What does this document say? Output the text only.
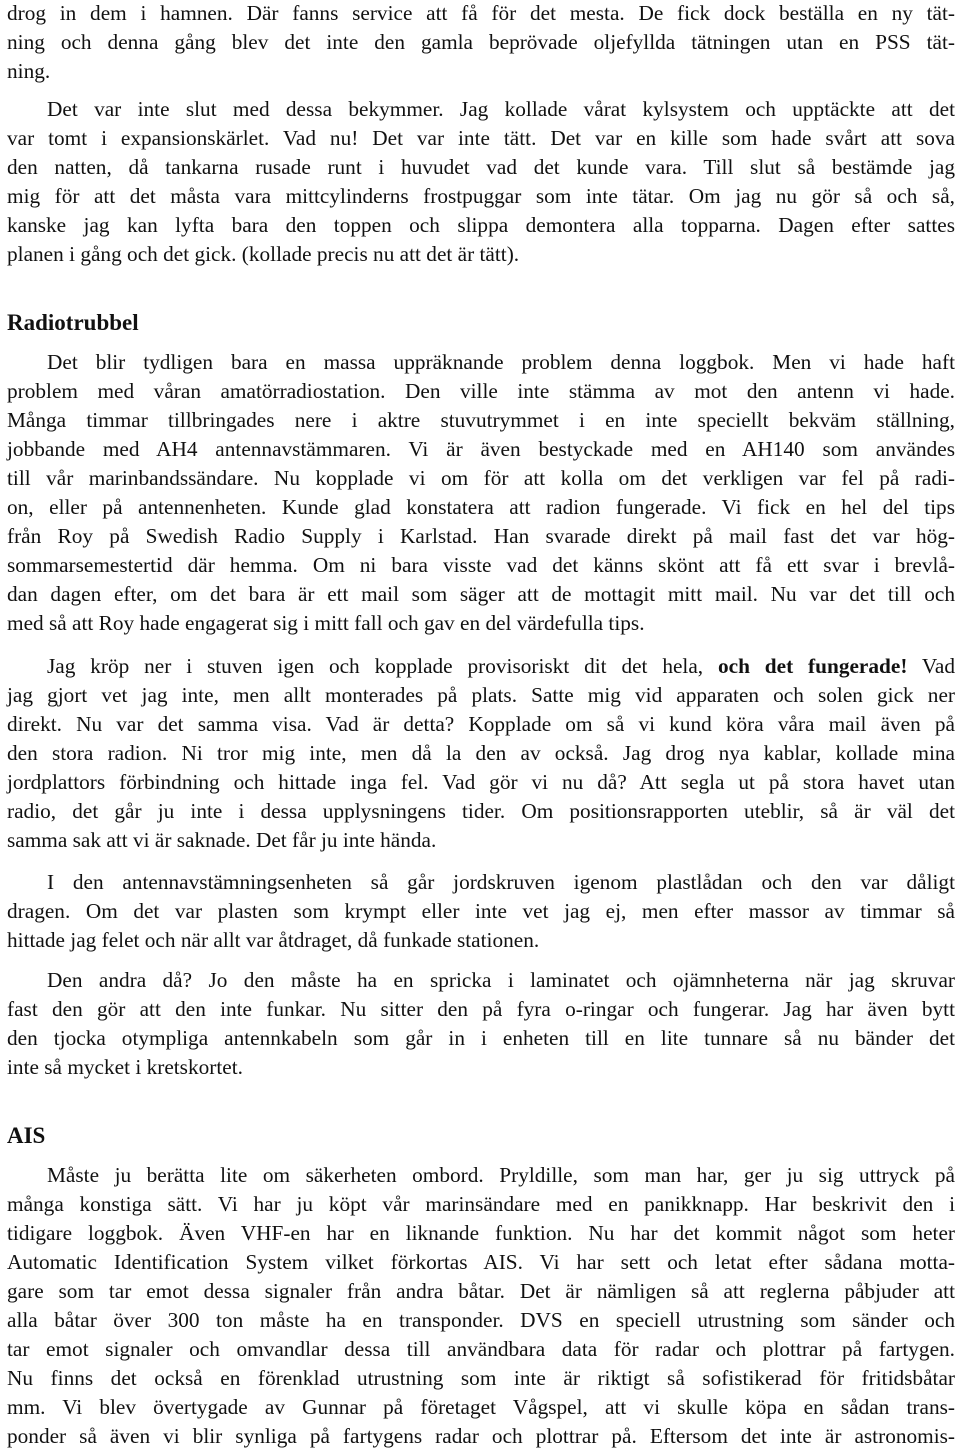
drog in dem i hamnen. Där fanns service att få för det mesta. De fick dock beställa en ny tät-
ning och denna gång blev det inte den gamla beprövade oljefyllda tätningen utan en PSS tät-
ning.
Det var inte slut med dessa bekymmer. Jag kollade vårat kylsystem och upptäckte att det
var tomt i expansionskärlet. Vad nu! Det var inte tätt. Det var en kille som hade svårt att sova
den natten, då tankarna rusade runt i huvudet vad det kunde vara. Till slut så bestämde jag
mig för att det måsta vara mittcylinderns frostpuggar som inte tätar. Om jag nu gör så och så,
kanske jag kan lyfta bara den toppen och slippa demontera alla topparna. Dagen efter sattes
planen i gång och det gick. (kollade precis nu att det är tätt).
Radiotrubbel
Det blir tydligen bara en massa uppräknande problem denna loggbok. Men vi hade haft
problem med våran amatörradiostation. Den ville inte stämma av mot den antenn vi hade.
Många timmar tillbringades nere i aktre stuvutrymmet i en inte speciellt bekväm ställning,
jobbande med AH4 antennavstämmaren. Vi är även bestyckade med en AH140 som användes
till vår marinbandssändare. Nu kopplade vi om för att kolla om det verkligen var fel på radi-
on, eller på antennenheten. Kunde glad konstatera att radion fungerade. Vi fick en hel del tips
från Roy på Swedish Radio Supply i Karlstad. Han svarade direkt på mail fast det var hög-
sommarsemestertid där hemma. Om ni bara visste vad det känns skönt att få ett svar i brevlå-
dan dagen efter, om det bara är ett mail som säger att de mottagit mitt mail. Nu var det till och
med så att Roy hade engagerat sig i mitt fall och gav en del värdefulla tips.
Jag kröp ner i stuven igen och kopplade provisoriskt dit det hela, och det fungerade! Vad
jag gjort vet jag inte, men allt monterades på plats. Satte mig vid apparaten och solen gick ner
direkt. Nu var det samma visa. Vad är detta? Kopplade om så vi kund köra våra mail även på
den stora radion. Ni tror mig inte, men då la den av också. Jag drog nya kablar, kollade mina
jordplattors förbindning och hittade inga fel. Vad gör vi nu då? Att segla ut på stora havet utan
radio, det går ju inte i dessa upplysningens tider. Om positionsrapporten uteblir, så är väl det
samma sak att vi är saknade. Det får ju inte hända.
I den antennavstämningsenheten så går jordskruven igenom plastlådan och den var dåligt
dragen. Om det var plasten som krympt eller inte vet jag ej, men efter massor av timmar så
hittade jag felet och när allt var åtdraget, då funkade stationen.
Den andra då? Jo den måste ha en spricka i laminatet och ojämnheterna när jag skruvar
fast den gör att den inte funkar. Nu sitter den på fyra o-ringar och fungerar. Jag har även bytt
den tjocka otympliga antennkabeln som går in i enheten till en lite tunnare så nu bänder det
inte så mycket i kretskortet.
AIS
Måste ju berätta lite om säkerheten ombord. Pryldille, som man har, ger ju sig uttryck på
många konstiga sätt. Vi har ju köpt vår marinsändare med en panikknapp. Har beskrivit den i
tidigare loggbok. Även VHF-en har en liknande funktion. Nu har det kommit något som heter
Automatic Identification System vilket förkortas AIS. Vi har sett och letat efter sådana motta-
gare som tar emot dessa signaler från andra båtar. Det är nämligen så att reglerna påbjuder att
alla båtar över 300 ton måste ha en transponder. DVS en speciell utrustning som sänder och
tar emot signaler och omvandlar dessa till användbara data för radar och plottrar på fartygen.
Nu finns det också en förenklad utrustning som inte är riktigt så sofistikerad för fritidsbåtar
mm. Vi blev övertygade av Gunnar på företaget Vågspel, att vi skulle köpa en sådan trans-
ponder så även vi blir synliga på fartygens radar och plottrar på. Eftersom det inte är astronomis-
